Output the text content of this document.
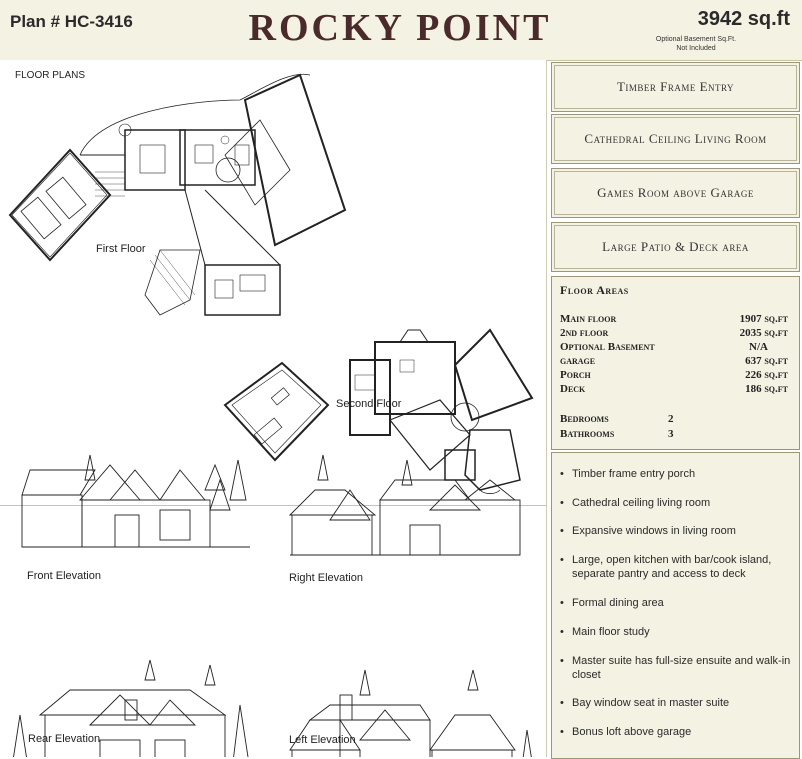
Plan # HC-3416	ROCKY POINT	3942 sq.ft
Optional Basement Sq.Ft.
Not Included
FLOOR PLANS
First Floor
Second Floor
Front Elevation	Right Elevation
Rear Elevation	Left Elevation
Timber Frame Entry
Cathedral Ceiling Living Room
Games Room above Garage
Large Patio & Deck area
Floor Areas
Main floor	1907 sq.ft
2nd floor	2035 sq.ft
Optional Basement	N/A
garage	637 sq.ft
Porch	226 sq.ft
Deck	186 sq.ft
Bedrooms	2
Bathrooms	3
• Timber frame entry porch
• Cathedral ceiling living room
• Expansive windows in living room
• Large, open kitchen with bar/cook island, separate pantry and access to deck
• Formal dining area
• Main floor study
• Master suite has full-size ensuite and walk-in closet
• Bay window seat in master suite
• Bonus loft above garage
